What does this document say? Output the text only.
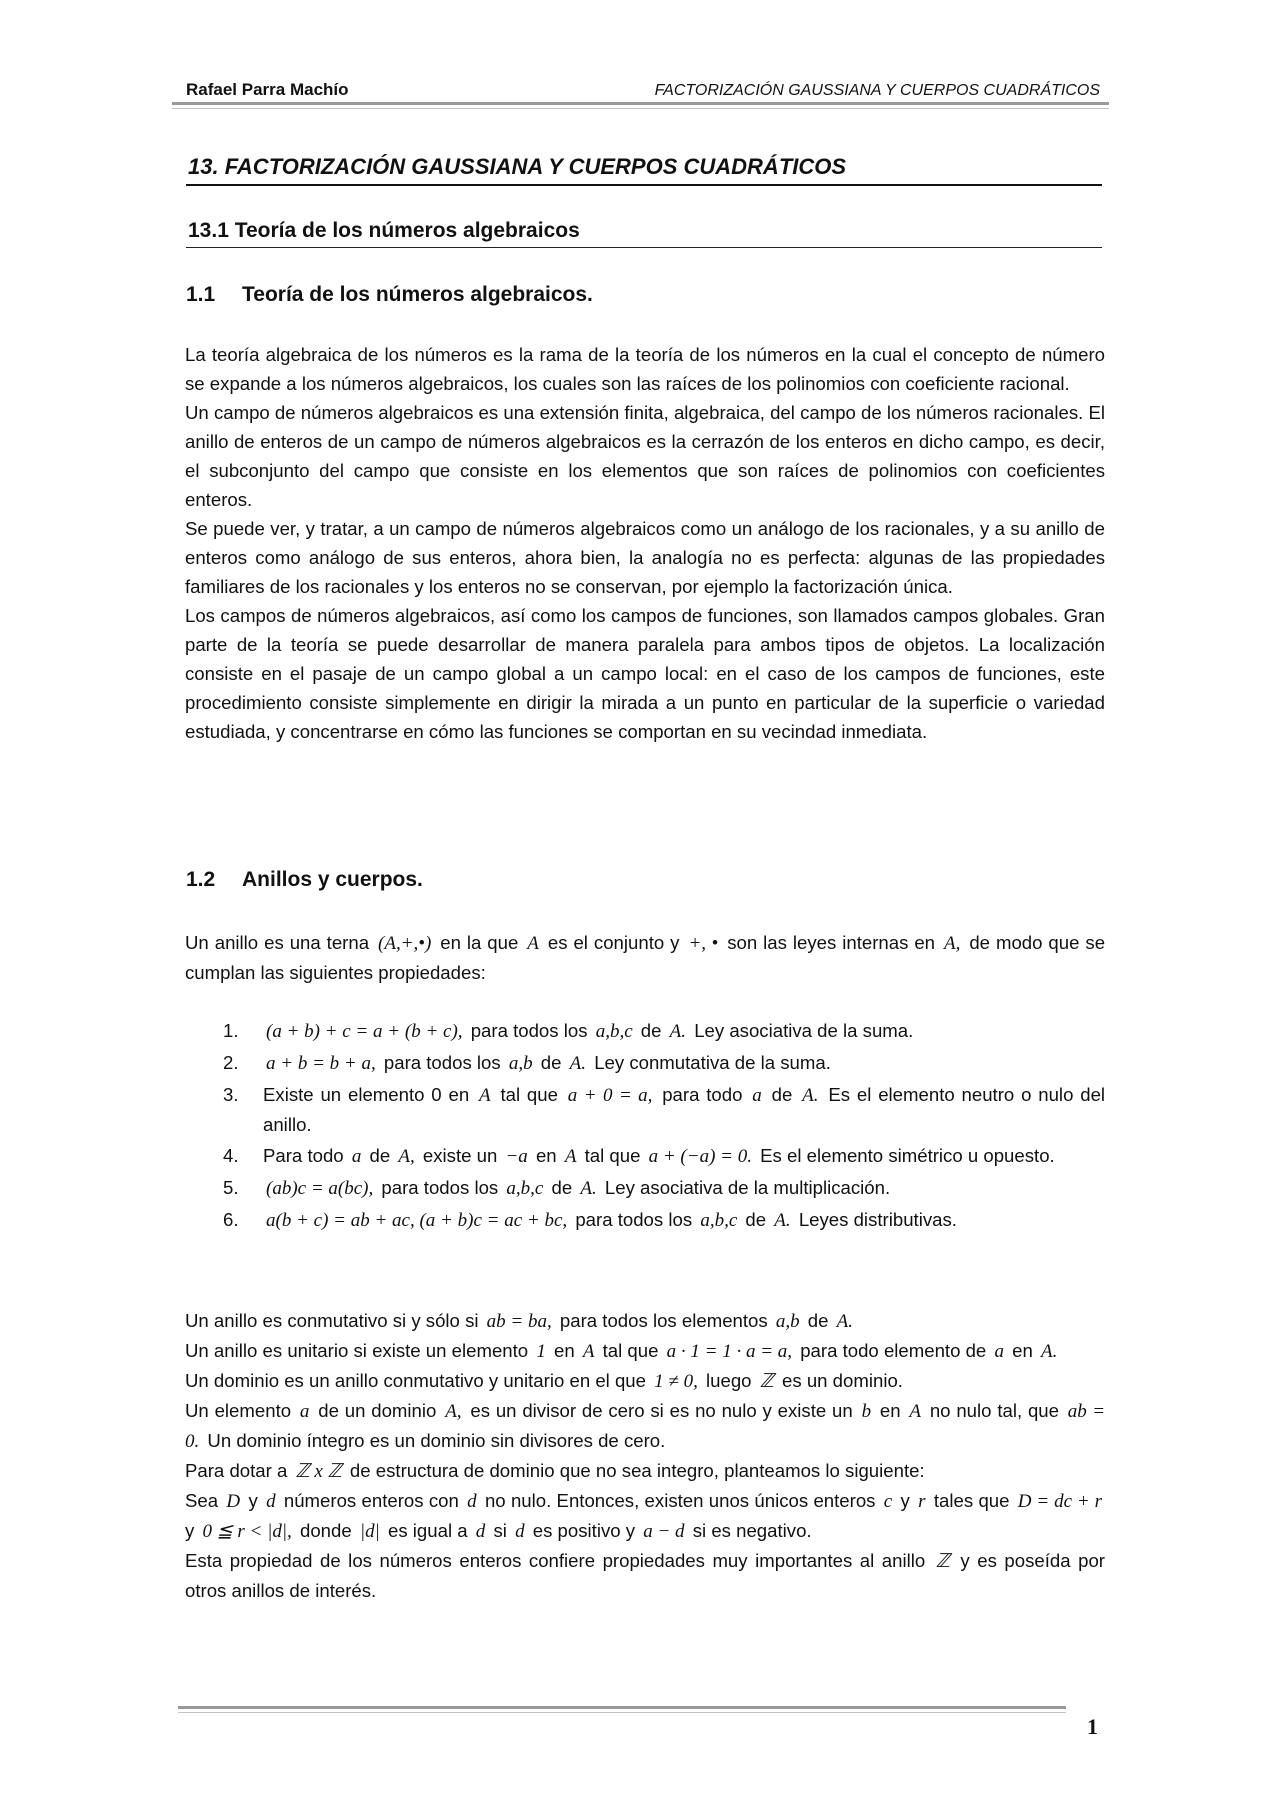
Rafael Parra Machío	FACTORIZACIÓN GAUSSIANA Y CUERPOS CUADRÁTICOS
13. FACTORIZACIÓN GAUSSIANA Y CUERPOS CUADRÁTICOS
13.1 Teoría de los números algebraicos
1.1 Teoría de los números algebraicos.

La teoría algebraica de los números es la rama de la teoría de los números en la cual el concepto de número se expande a los números algebraicos, los cuales son las raíces de los polinomios con coeficiente racional.

Un campo de números algebraicos es una extensión finita, algebraica, del campo de los números racionales. El anillo de enteros de un campo de números algebraicos es la cerrazón de los enteros en dicho campo, es decir, el subconjunto del campo que consiste en los elementos que son raíces de polinomios con coeficientes enteros.

Se puede ver, y tratar, a un campo de números algebraicos como un análogo de los racionales, y a su anillo de enteros como análogo de sus enteros, ahora bien, la analogía no es perfecta: algunas de las propiedades familiares de los racionales y los enteros no se conservan, por ejemplo la factorización única.

Los campos de números algebraicos, así como los campos de funciones, son llamados campos globales. Gran parte de la teoría se puede desarrollar de manera paralela para ambos tipos de objetos. La localización consiste en el pasaje de un campo global a un campo local: en el caso de los campos de funciones, este procedimiento consiste simplemente en dirigir la mirada a un punto en particular de la superficie o variedad estudiada, y concentrarse en cómo las funciones se comportan en su vecindad inmediata.

1.2 Anillos y cuerpos.

Un anillo es una terna (A,+,•) en la que A es el conjunto y +, • son las leyes internas en A, de modo que se cumplan las siguientes propiedades:

1. (a + b) + c = a + (b + c), para todos los a,b,c de A. Ley asociativa de la suma.
2. a + b = b + a, para todos los a,b de A. Ley conmutativa de la suma.
3. Existe un elemento 0 en A tal que a + 0 = a, para todo a de A. Es el elemento neutro o nulo del anillo.
4. Para todo a de A, existe un −a en A tal que a + (−a) = 0. Es el elemento simétrico u opuesto.
5. (ab)c = a(bc), para todos los a,b,c de A. Ley asociativa de la multiplicación.
6. a(b + c) = ab + ac, (a + b)c = ac + bc, para todos los a,b,c de A. Leyes distributivas.

Un anillo es conmutativo si y sólo si ab = ba, para todos los elementos a,b de A.

Un anillo es unitario si existe un elemento 1 en A tal que a · 1 = 1 · a = a, para todo elemento de a en A.

Un dominio es un anillo conmutativo y unitario en el que 1 ≠ 0, luego ℤ es un dominio.

Un elemento a de un dominio A, es un divisor de cero si es no nulo y existe un b en A no nulo tal, que ab = 0. Un dominio íntegro es un dominio sin divisores de cero.

Para dotar a ℤ x ℤ de estructura de dominio que no sea integro, planteamos lo siguiente:

Sea D y d números enteros con d no nulo. Entonces, existen unos únicos enteros c y r tales que D = dc + r y 0 ≦ r < |d|, donde |d| es igual a d si d es positivo y a − d si es negativo.

Esta propiedad de los números enteros confiere propiedades muy importantes al anillo ℤ y es poseída por otros anillos de interés.

1
